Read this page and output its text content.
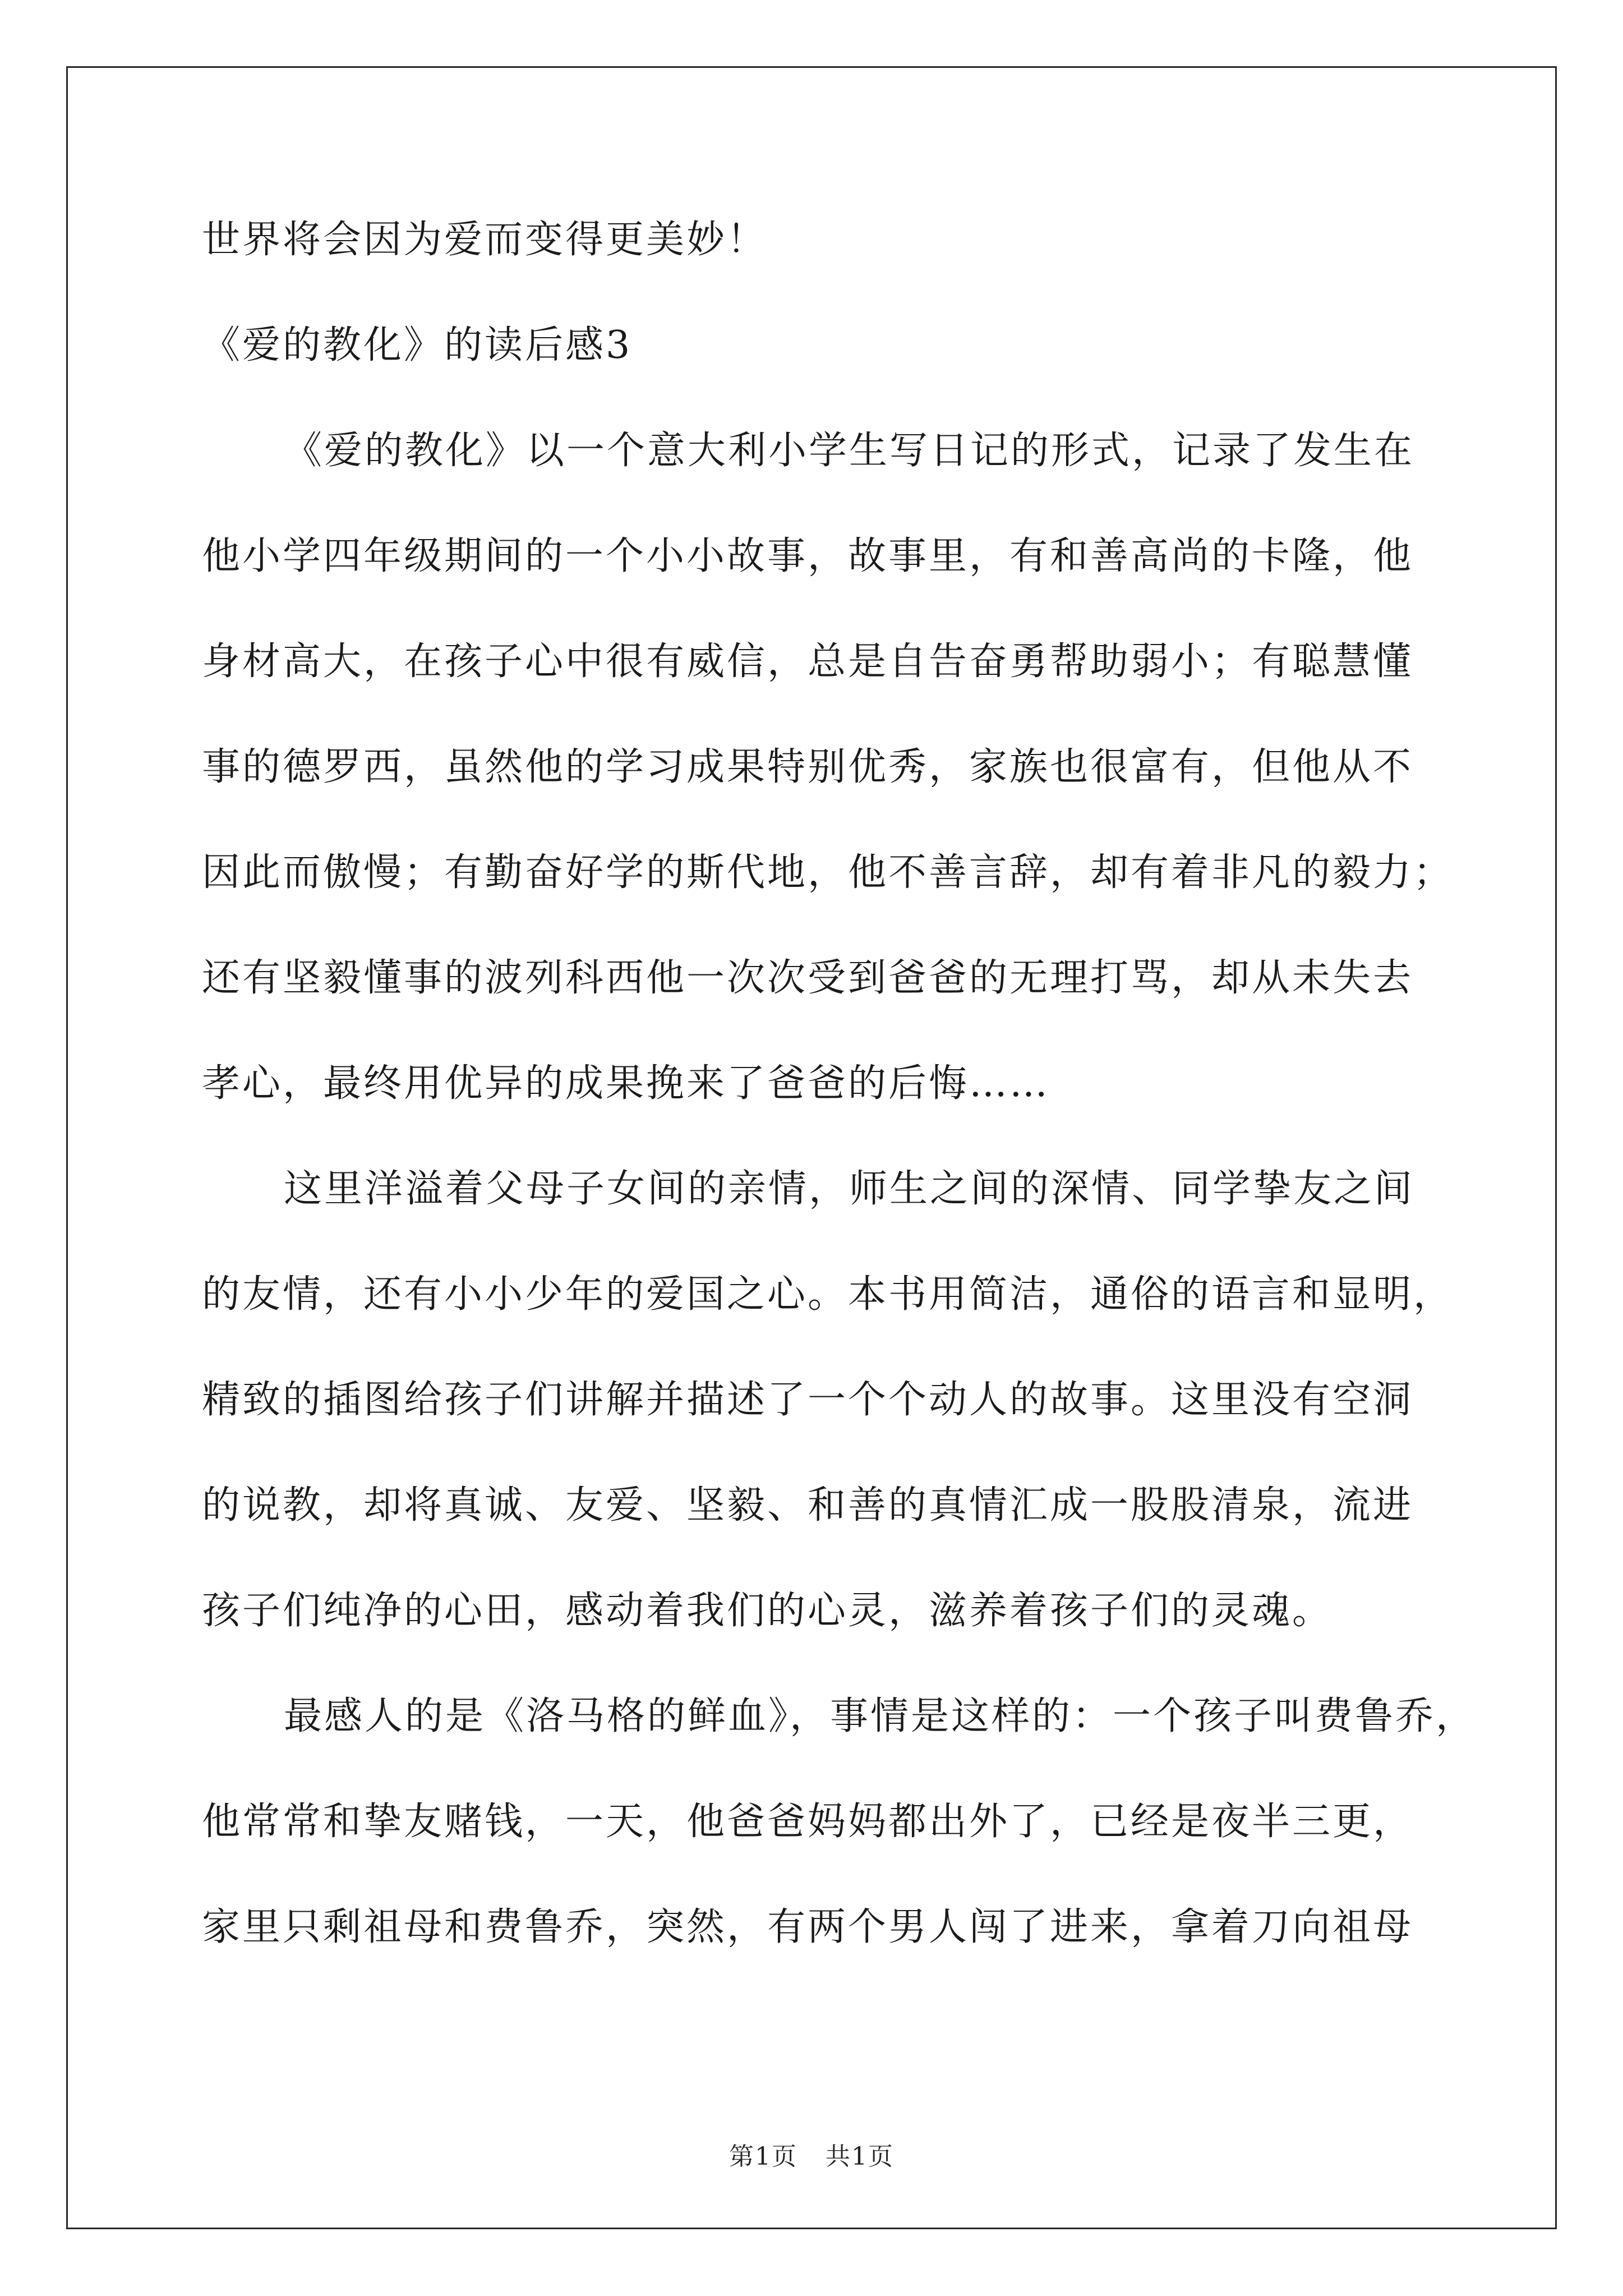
世界将会因为爱而变得更美妙！
《爱的教化》的读后感3
《爱的教化》以一个意大利小学生写日记的形式，记录了发生在
他小学四年级期间的一个小小故事，故事里，有和善高尚的卡隆，他
身材高大，在孩子心中很有威信，总是自告奋勇帮助弱小；有聪慧懂
事的德罗西，虽然他的学习成果特别优秀，家族也很富有，但他从不
因此而傲慢；有勤奋好学的斯代地，他不善言辞，却有着非凡的毅力；
还有坚毅懂事的波列科西他一次次受到爸爸的无理打骂，却从未失去
孝心，最终用优异的成果挽来了爸爸的后悔……
这里洋溢着父母子女间的亲情，师生之间的深情、同学挚友之间
的友情，还有小小少年的爱国之心。本书用简洁，通俗的语言和显明，
精致的插图给孩子们讲解并描述了一个个动人的故事。这里没有空洞
的说教，却将真诚、友爱、坚毅、和善的真情汇成一股股清泉，流进
孩子们纯净的心田，感动着我们的心灵，滋养着孩子们的灵魂。
最感人的是《洛马格的鲜血》，事情是这样的：一个孩子叫费鲁乔，
他常常和挚友赌钱，一天，他爸爸妈妈都出外了，已经是夜半三更，
家里只剩祖母和费鲁乔，突然，有两个男人闯了进来，拿着刀向祖母
第1页 共1页
